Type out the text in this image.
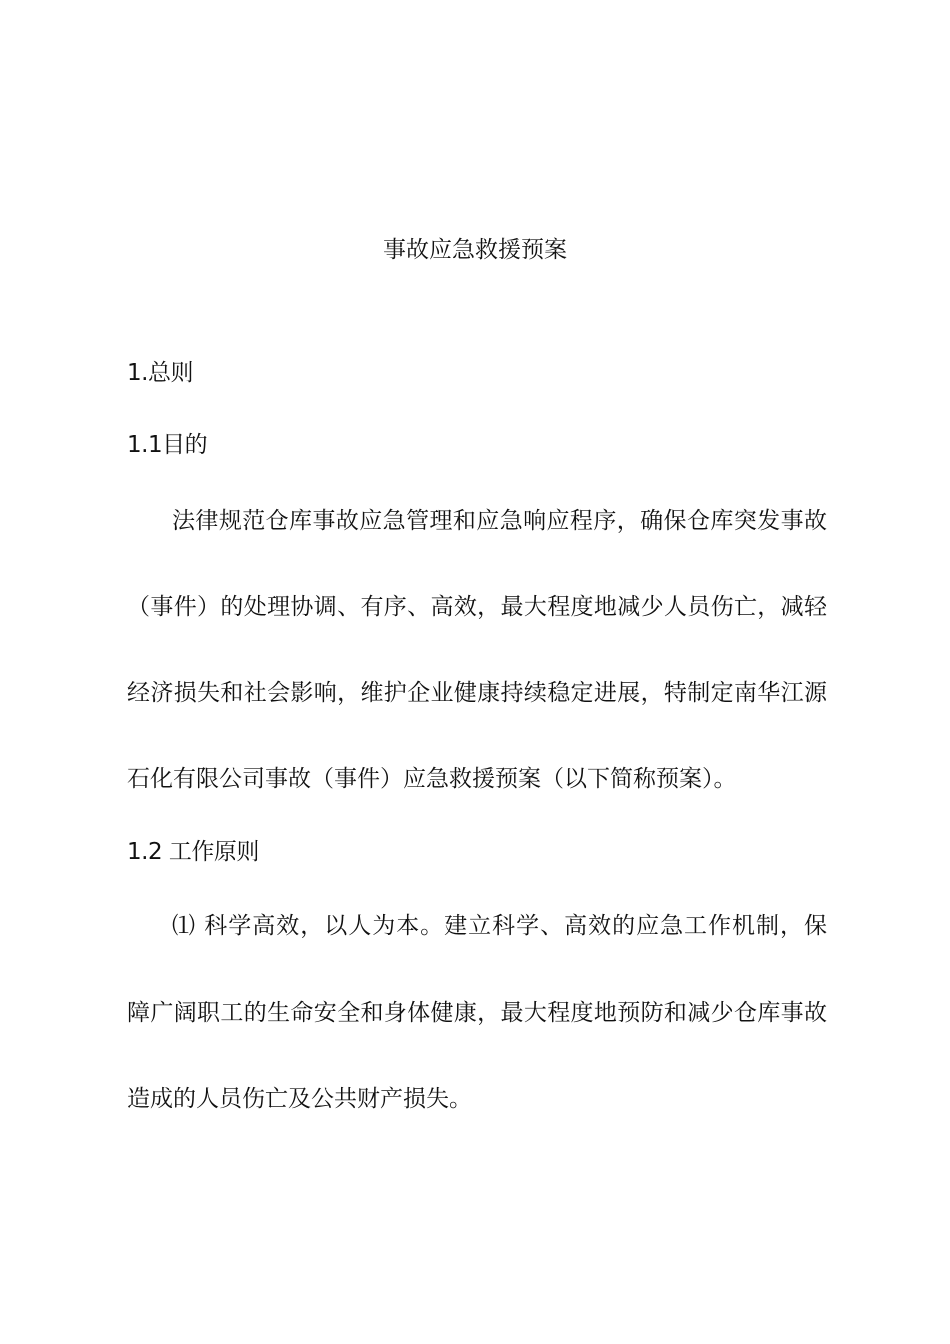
事故应急救援预案
1.总则
1.1目的

法律规范仓库事故应急管理和应急响应程序，确保仓库突发事故

（事件）的处理协调、有序、高效，最大程度地减少人员伤亡，减轻

经济损失和社会影响，维护企业健康持续稳定进展，特制定南华江源

石化有限公司事故（事件）应急救援预案（以下简称预案）。

1.2 工作原则

⑴ 科学高效，以人为本。建立科学、高效的应急工作机制，保

障广阔职工的生命安全和身体健康，最大程度地预防和减少仓库事故

造成的人员伤亡及公共财产损失。
